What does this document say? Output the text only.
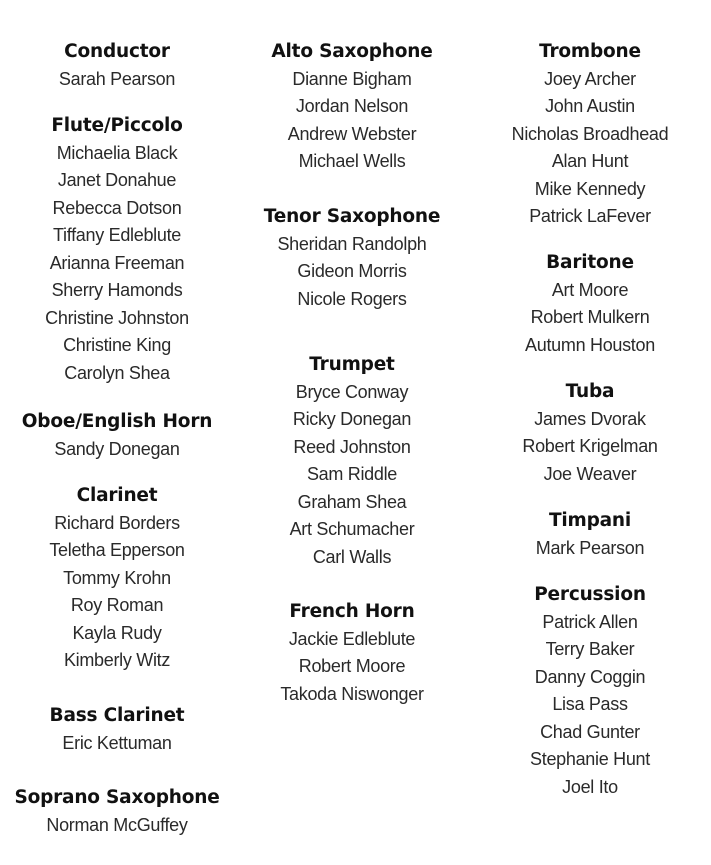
Conductor
Sarah Pearson
Flute/Piccolo
Michaelia Black
Janet Donahue
Rebecca Dotson
Tiffany Edleblute
Arianna Freeman
Sherry Hamonds
Christine Johnston
Christine King
Carolyn Shea
Oboe/English Horn
Sandy Donegan
Clarinet
Richard Borders
Teletha Epperson
Tommy Krohn
Roy Roman
Kayla Rudy
Kimberly Witz
Bass Clarinet
Eric Kettuman
Soprano Saxophone
Norman McGuffey
Alto Saxophone
Dianne Bigham
Jordan Nelson
Andrew Webster
Michael Wells
Tenor Saxophone
Sheridan Randolph
Gideon Morris
Nicole Rogers
Trumpet
Bryce Conway
Ricky Donegan
Reed Johnston
Sam Riddle
Graham Shea
Art Schumacher
Carl Walls
French Horn
Jackie Edleblute
Robert Moore
Takoda Niswonger
Trombone
Joey Archer
John Austin
Nicholas Broadhead
Alan Hunt
Mike Kennedy
Patrick LaFever
Baritone
Art Moore
Robert Mulkern
Autumn Houston
Tuba
James Dvorak
Robert Krigelman
Joe Weaver
Timpani
Mark Pearson
Percussion
Patrick Allen
Terry Baker
Danny Coggin
Lisa Pass
Chad Gunter
Stephanie Hunt
Joel Ito
